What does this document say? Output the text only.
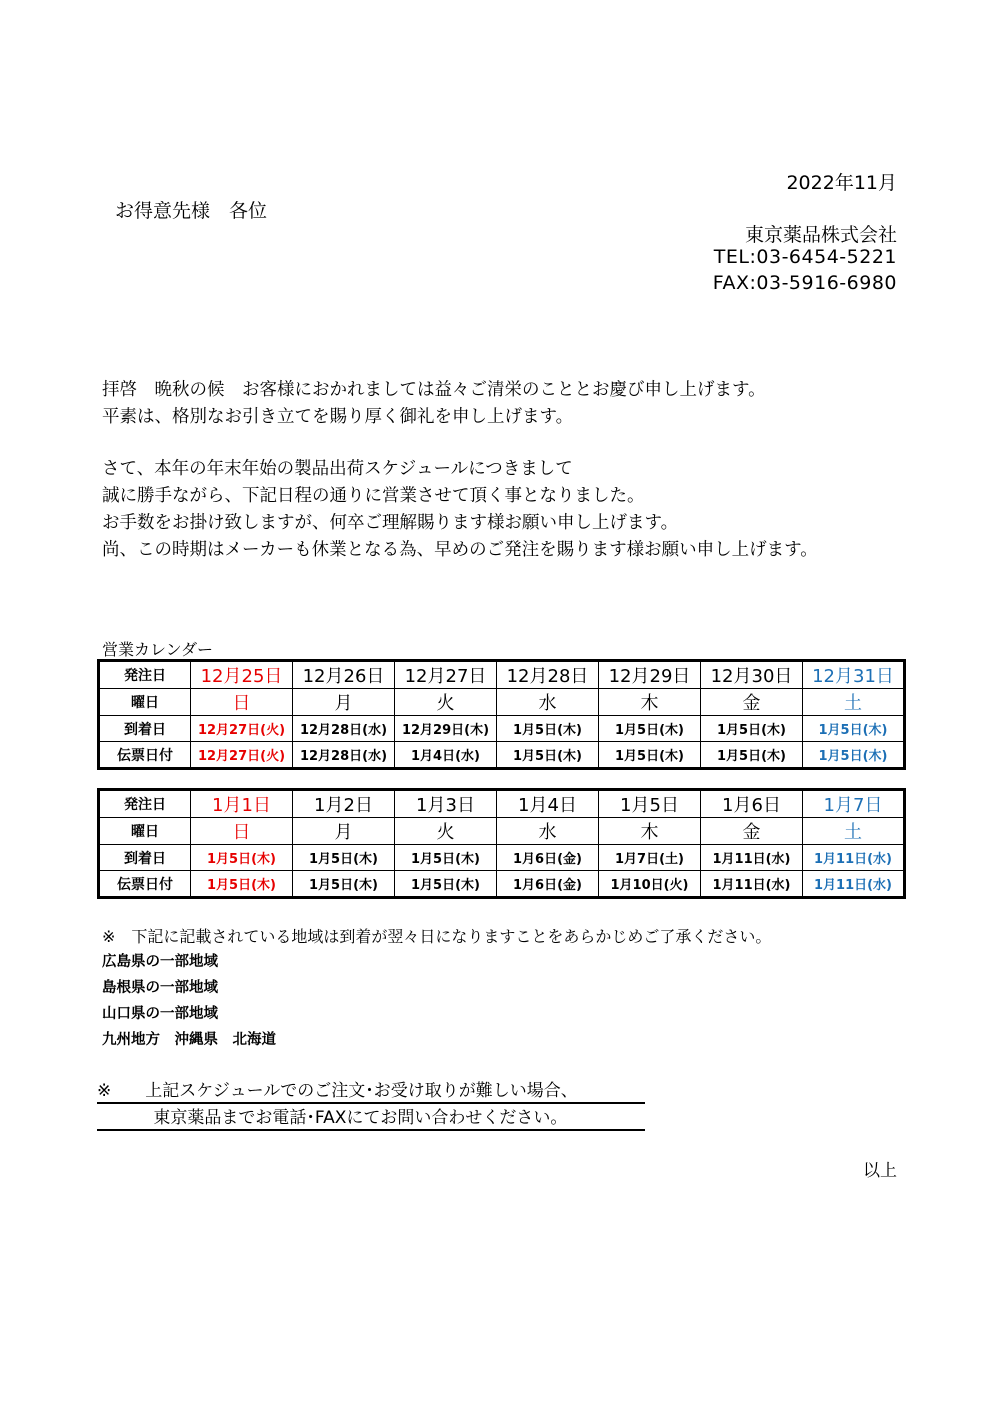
2022年11月
お得意先様　各位
東京薬品株式会社
TEL:03-6454-5221
FAX:03-5916-6980
拝啓　晩秋の候　お客様におかれましては益々ご清栄のこととお慶び申し上げます。
平素は、格別なお引き立てを賜り厚く御礼を申し上げます。
さて、本年の年末年始の製品出荷スケジュールにつきまして
誠に勝手ながら、下記日程の通りに営業させて頂く事となりました。
お手数をお掛け致しますが、何卒ご理解賜ります様お願い申し上げます。
尚、この時期はメーカーも休業となる為、早めのご発注を賜ります様お願い申し上げます。
営業カレンダー
発注日	12月25日	12月26日	12月27日	12月28日	12月29日	12月30日	12月31日
曜日	日	月	火	水	木	金	土
到着日	12月27日(火)	12月28日(水)	12月29日(木)	1月5日(木)	1月5日(木)	1月5日(木)	1月5日(木)
伝票日付	12月27日(火)	12月28日(水)	1月4日(水)	1月5日(木)	1月5日(木)	1月5日(木)	1月5日(木)
発注日	1月1日	1月2日	1月3日	1月4日	1月5日	1月6日	1月7日
曜日	日	月	火	水	木	金	土
到着日	1月5日(木)	1月5日(木)	1月5日(木)	1月6日(金)	1月7日(土)	1月11日(水)	1月11日(水)
伝票日付	1月5日(木)	1月5日(木)	1月5日(木)	1月6日(金)	1月10日(火)	1月11日(水)	1月11日(水)
※　下記に記載されている地域は到着が翌々日になりますことをあらかじめご了承ください。
広島県の一部地域
島根県の一部地域
山口県の一部地域
九州地方　沖縄県　北海道
※　　上記スケジュールでのご注文･お受け取りが難しい場合、
　　　 東京薬品までお電話･FAXにてお問い合わせください。
以上
